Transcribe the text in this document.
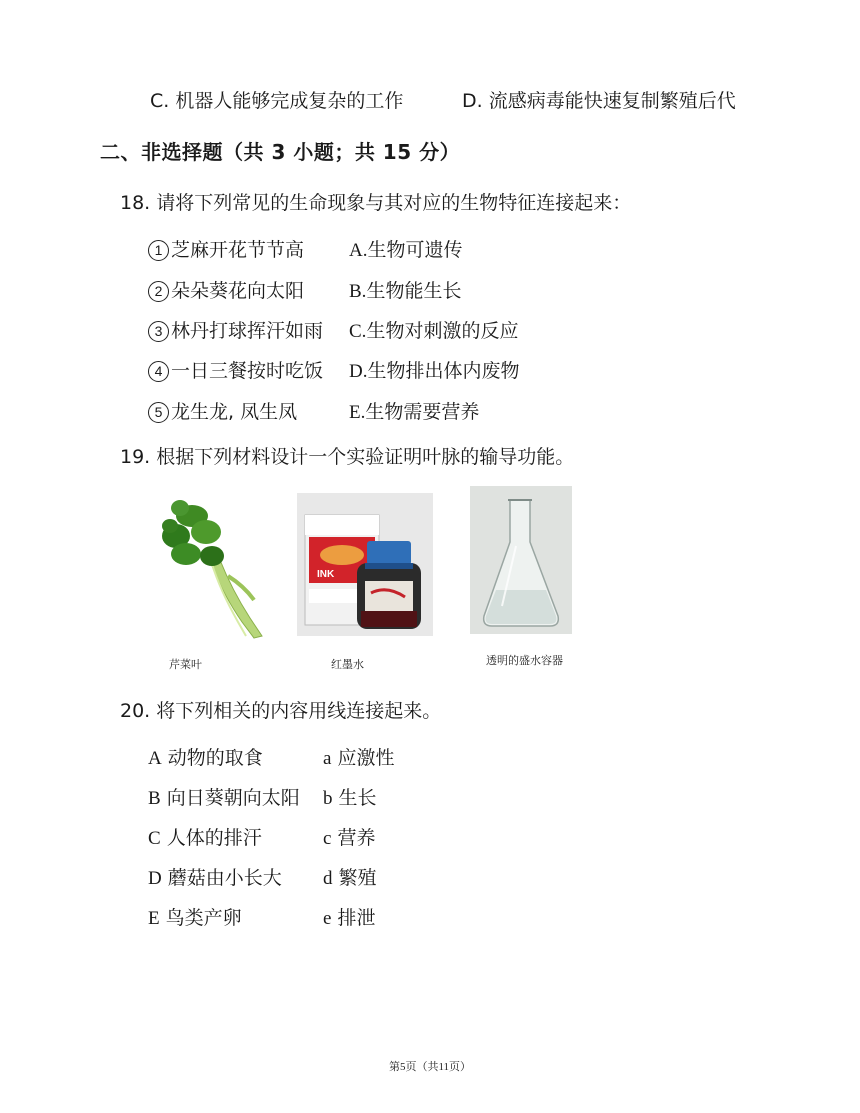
C. 机器人能够完成复杂的工作	D. 流感病毒能快速复制繁殖后代
二、非选择题（共 3 小题；共 15 分）
18. 请将下列常见的生命现象与其对应的生物特征连接起来：
1 芝麻开花节节高 A.生物可遗传
2 朵朵葵花向太阳 B.生物能生长
3 林丹打球挥汗如雨 C.生物对刺激的反应
4 一日三餐按时吃饭 D.生物排出体内废物
5 龙生龙, 凤生凤	E.生物需要营养
19. 根据下列材料设计一个实验证明叶脉的输导功能。
芹菜叶
INK
红墨水	透明的盛水容器
20. 将下列相关的内容用线连接起来。
A 动物的取食	a 应激性
B 向日葵朝向太阳 b 生长
C 人体的排汗	c 营养
D 蘑菇由小长大 d 繁殖
E 鸟类产卵	e 排泄
第5页（共11页）
